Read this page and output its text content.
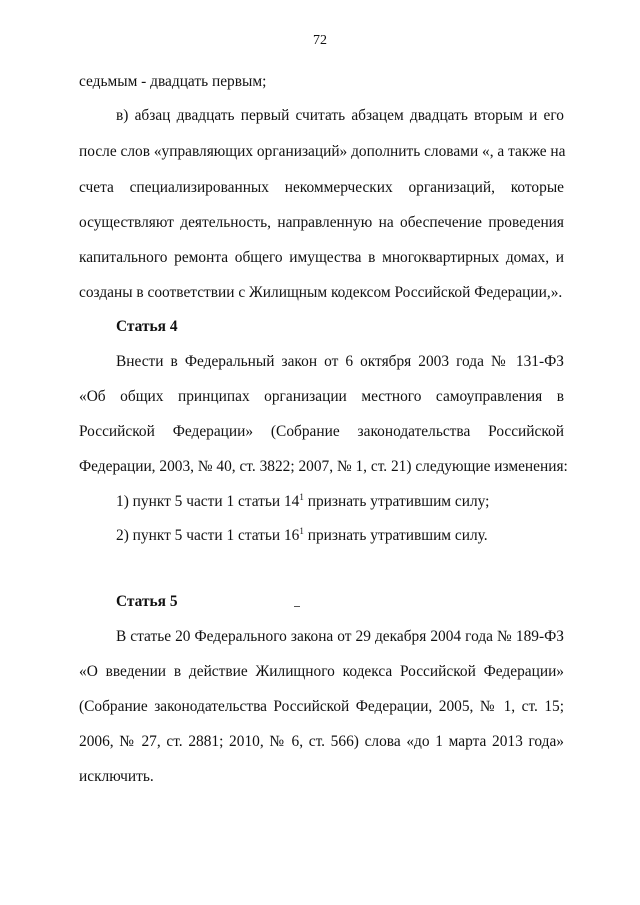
72
седьмым - двадцать первым;
в) абзац двадцать первый считать абзацем двадцать вторым и его
после слов «управляющих организаций» дополнить словами «, а также на
счета специализированных некоммерческих организаций, которые
осуществляют деятельность, направленную на обеспечение проведения
капитального ремонта общего имущества в многоквартирных домах, и
созданы в соответствии с Жилищным кодексом Российской Федерации,».
Статья 4
Внести в Федеральный закон от 6 октября 2003 года № 131-ФЗ
«Об общих принципах организации местного самоуправления в
Российской Федерации» (Собрание законодательства Российской
Федерации, 2003, № 40, ст. 3822; 2007, № 1, ст. 21) следующие изменения:
1) пункт 5 части 1 статьи $14^1$ признать утратившим силу;
2) пункт 5 части 1 статьи $16^1$ признать утратившим силу.
Статья 5
В статье 20 Федерального закона от 29 декабря 2004 года № 189-ФЗ
«О введении в действие Жилищного кодекса Российской Федерации»
(Собрание законодательства Российской Федерации, 2005, № 1, ст. 15;
2006, № 27, ст. 2881; 2010, № 6, ст. 566) слова «до 1 марта 2013 года»
исключить.
